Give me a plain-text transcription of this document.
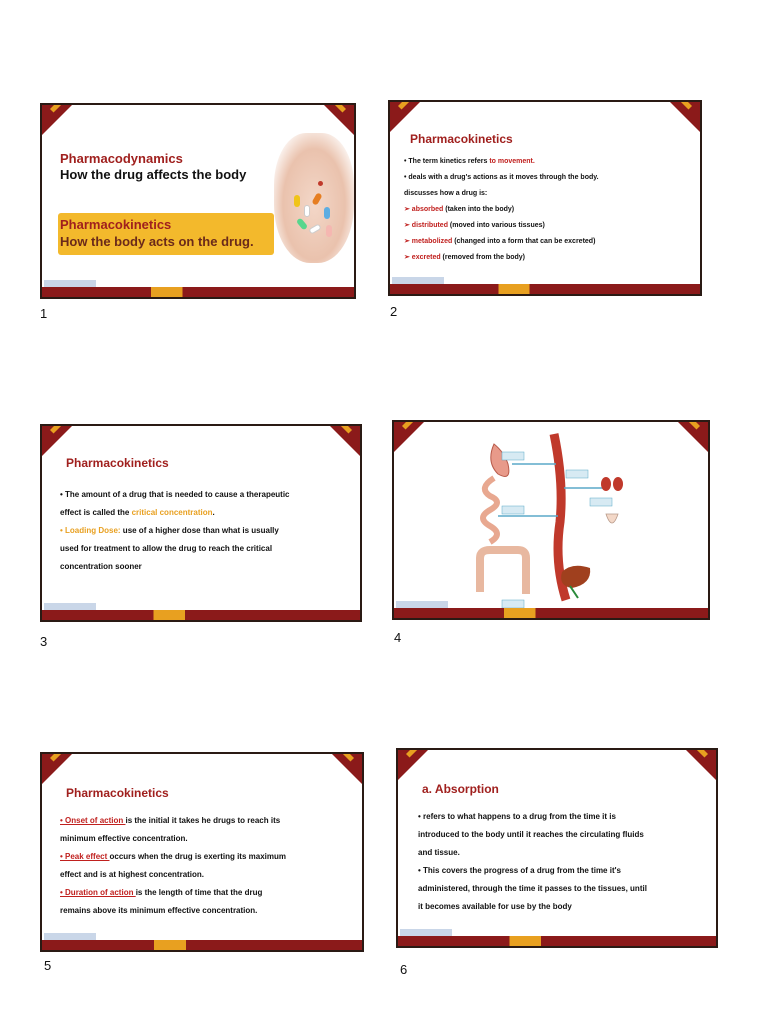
Pharmacodynamics
How the drug affects the body
Pharmacokinetics
How the body acts on the drug.
1
Pharmacokinetics
• The term kinetics refers to movement.
• deals with a drug's actions as it moves through the body.
discusses how a drug is:
➢ absorbed (taken into the body)
➢ distributed (moved into various tissues)
➢ metabolized (changed into a form that can be excreted)
➢ excreted (removed from the body)
2
Pharmacokinetics
• The amount of a drug that is needed to cause a therapeutic
effect is called the critical concentration.
• Loading Dose: use of a higher dose than what is usually
used for treatment to allow the drug to reach the critical
concentration sooner
3	4
Pharmacokinetics
• Onset of action is the initial it takes he drugs to reach its
minimum effective concentration.
• Peak effect occurs when the drug is exerting its maximum
effect and is at highest concentration.
• Duration of action is the length of time that the drug
remains above its minimum effective concentration.
5
a. Absorption
• refers to what happens to a drug from the time it is
introduced to the body until it reaches the circulating fluids
and tissue.
• This covers the progress of a drug from the time it's
administered, through the time it passes to the tissues, until
it becomes available for use by the body
6
